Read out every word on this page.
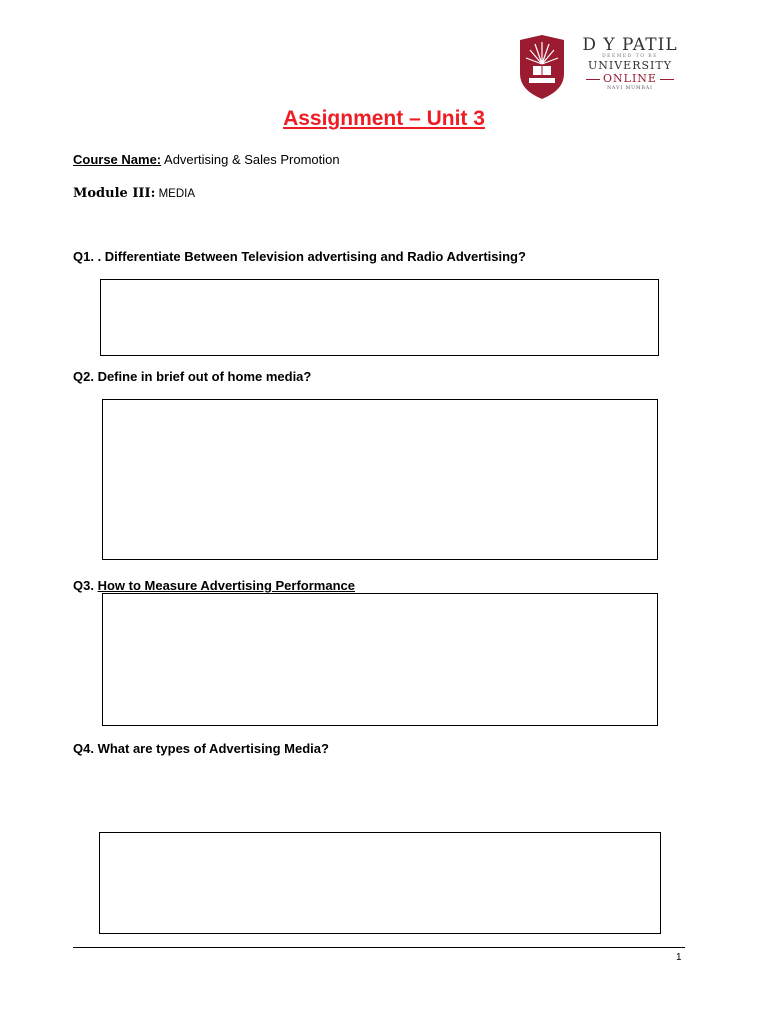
D Y PATIL
DEEMED TO BE
UNIVERSITY
ONLINE
NAVI MUMBAI
Assignment – Unit 3
Course Name: Advertising & Sales Promotion
Module III: MEDIA
Q1. . Differentiate Between Television advertising and Radio Advertising?
Q2. Define in brief out of home media?
Q3. How to Measure Advertising Performance
Q4. What are types of Advertising Media?
1
